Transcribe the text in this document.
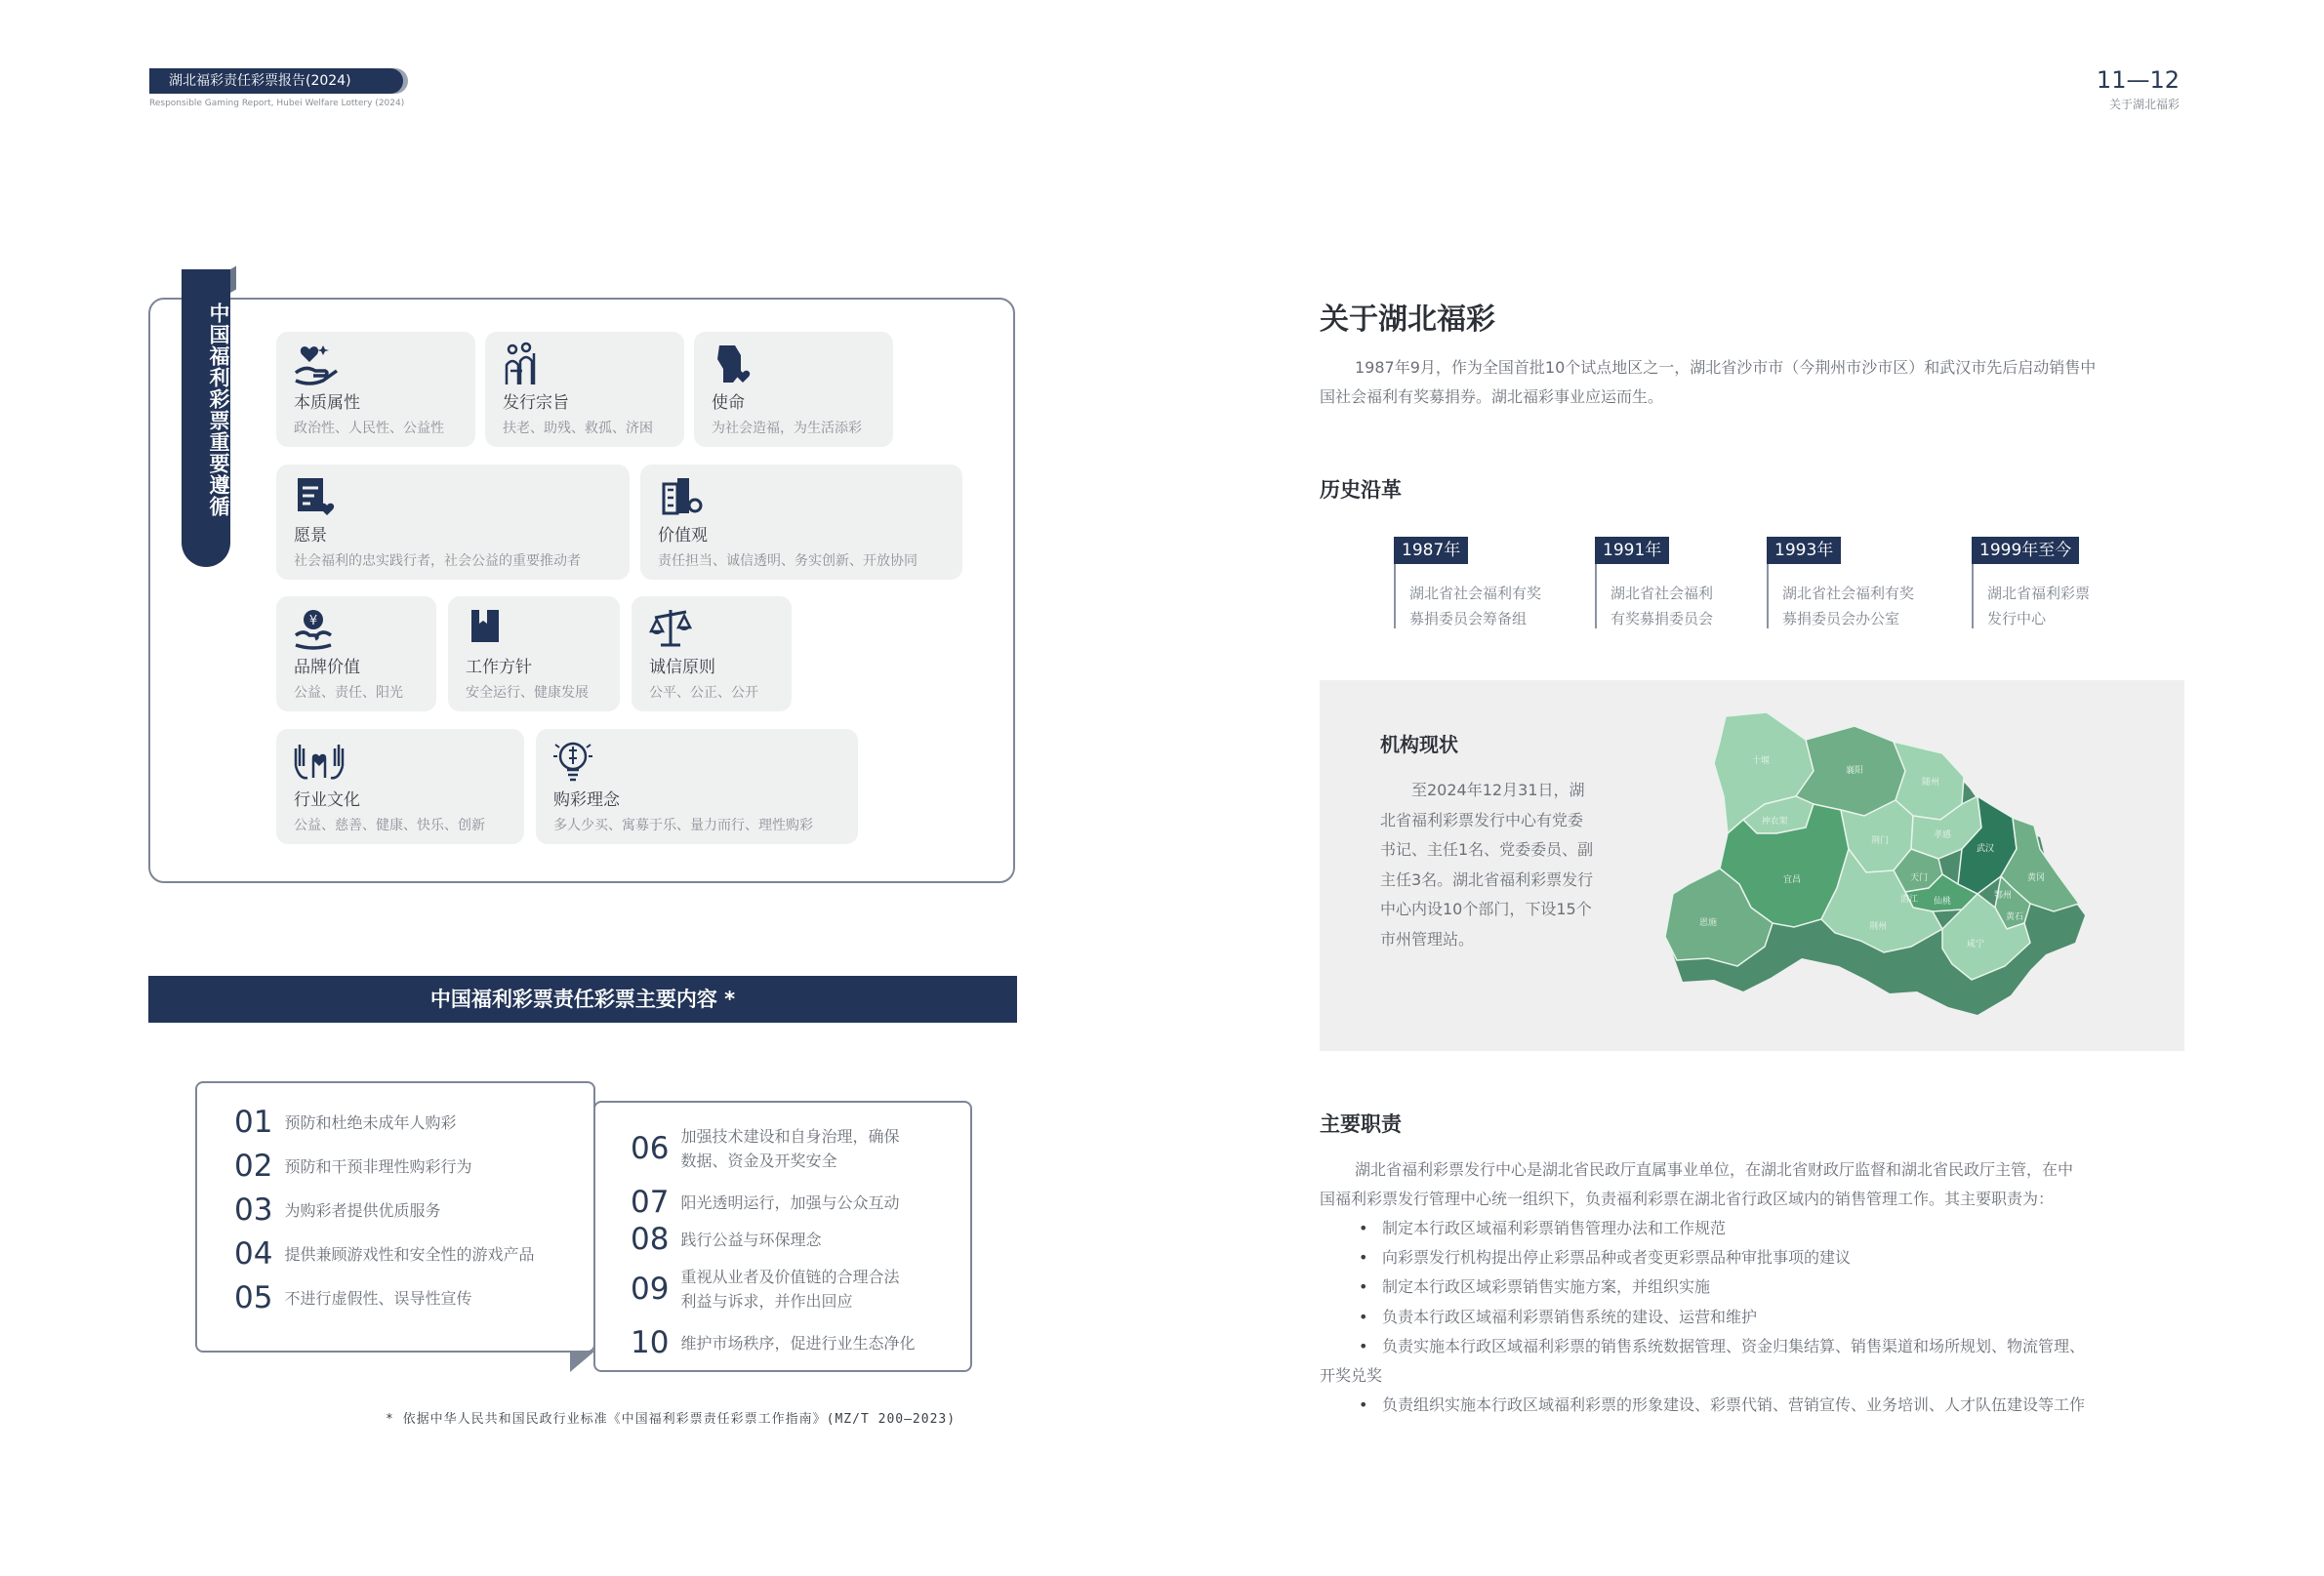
湖北福彩责任彩票报告(2024)
Responsible Gaming Report, Hubei Welfare Lottery (2024)
11—12
关于湖北福彩
中国福利彩票重要遵循	本质属性
政治性、人民性、公益性
发行宗旨
扶老、助残、救孤、济困
使命
为社会造福，为生活添彩
愿景
社会福利的忠实践行者，社会公益的重要推动者
价值观
责任担当、诚信透明、务实创新、开放协同
¥
品牌价值
公益、责任、阳光
工作方针
安全运行、健康发展
诚信原则
公平、公正、公开
行业文化
公益、慈善、健康、快乐、创新
购彩理念
多人少买、寓募于乐、量力而行、理性购彩
中国福利彩票责任彩票主要内容 *
06 加强技术建设和自身治理，确保
数据、资金及开奖安全
07 阳光透明运行，加强与公众互动
08 践行公益与环保理念
09 重视从业者及价值链的合理合法
利益与诉求，并作出回应
10 维护市场秩序，促进行业生态净化
01 预防和杜绝未成年人购彩
02 预防和干预非理性购彩行为
03 为购彩者提供优质服务
04 提供兼顾游戏性和安全性的游戏产品
05 不进行虚假性、误导性宣传
* 依据中华人民共和国民政行业标准《中国福利彩票责任彩票工作指南》(MZ/T 200—2023)
关于湖北福彩
1987年9月，作为全国首批10个试点地区之一，湖北省沙市市（今荆州市沙市区）和武汉市先后启动销售中
国社会福利有奖募捐券。湖北福彩事业应运而生。
历史沿革
1987年
湖北省社会福利有奖
募捐委员会筹备组
1991年
湖北省社会福利
有奖募捐委员会
1993年
湖北省社会福利有奖
募捐委员会办公室
1999年至今
湖北省福利彩票
发行中心
机构现状
至2024年12月31日，湖北省福利彩票发行中心有党委书记、主任1名、党委委员、副主任3名。湖北省福利彩票发行中心内设10个部门，下设15个市州管理站。
十堰
襄阳
神农架
宜昌
荆门
随州
孝感
天门
潜江 仙桃
荆州
武汉
黄冈
鄂州
黄石
咸宁
恩施
主要职责
湖北省福利彩票发行中心是湖北省民政厅直属事业单位，在湖北省财政厅监督和湖北省民政厅主管，在中
国福利彩票发行管理中心统一组织下，负责福利彩票在湖北省行政区域内的销售管理工作。其主要职责为：
• 制定本行政区域福利彩票销售管理办法和工作规范
• 向彩票发行机构提出停止彩票品种或者变更彩票品种审批事项的建议
• 制定本行政区域彩票销售实施方案，并组织实施
• 负责本行政区域福利彩票销售系统的建设、运营和维护
• 负责实施本行政区域福利彩票的销售系统数据管理、资金归集结算、销售渠道和场所规划、物流管理、
开奖兑奖
• 负责组织实施本行政区域福利彩票的形象建设、彩票代销、营销宣传、业务培训、人才队伍建设等工作
